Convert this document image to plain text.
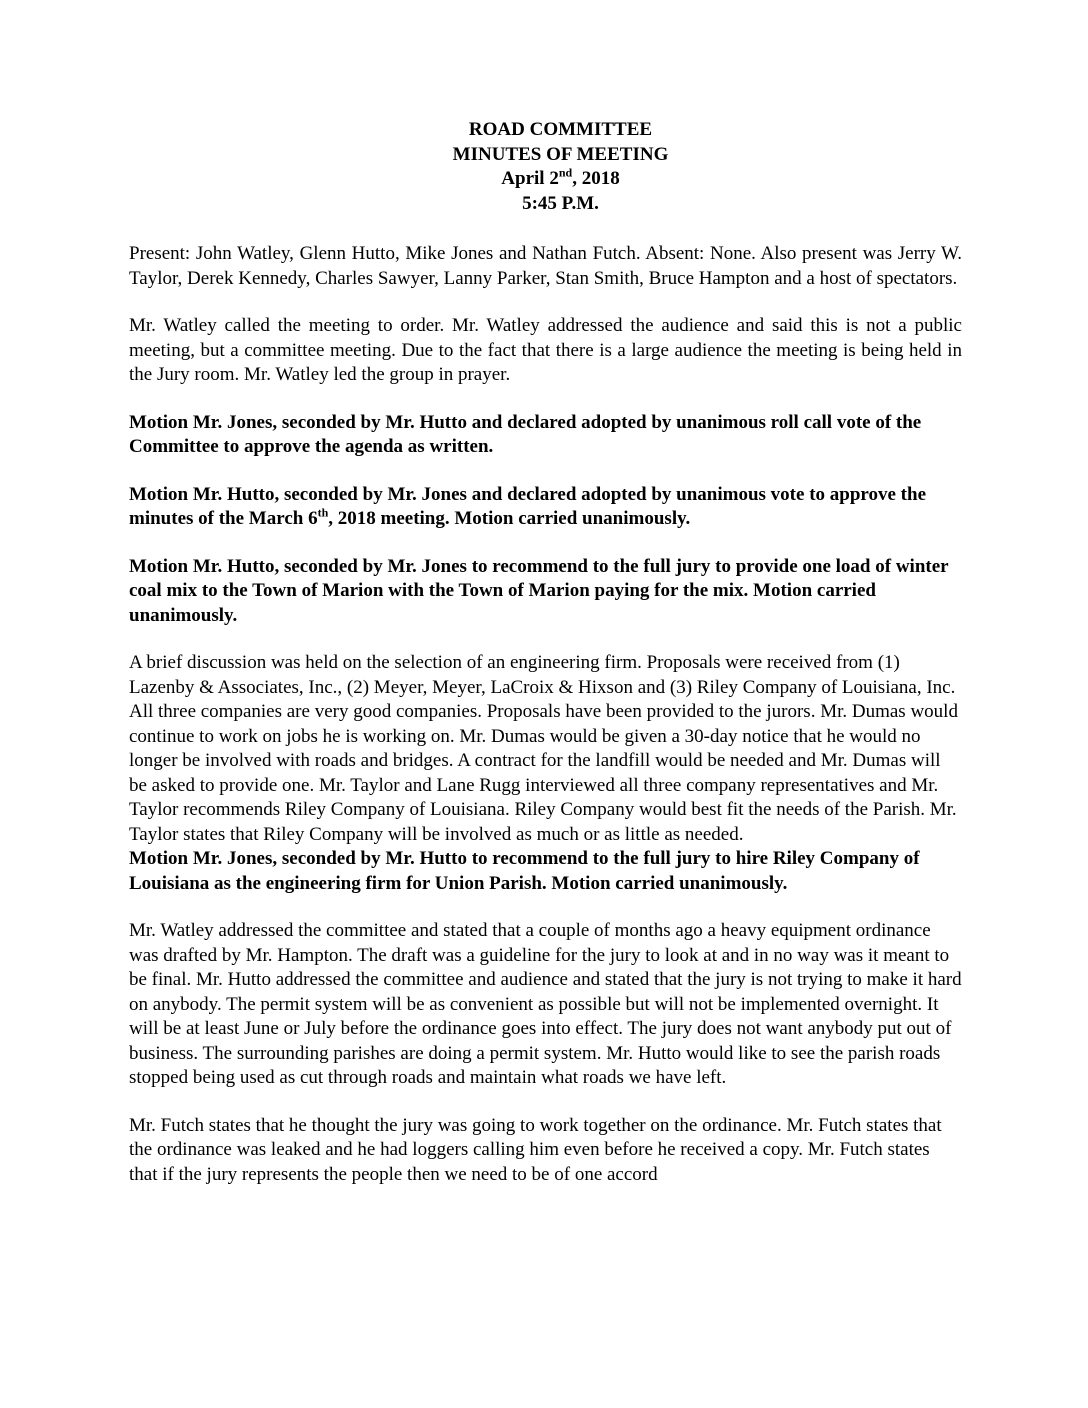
ROAD COMMITTEE
MINUTES OF MEETING
April 2nd, 2018
5:45 P.M.

Present: John Watley, Glenn Hutto, Mike Jones and Nathan Futch. Absent: None. Also present was Jerry W. Taylor, Derek Kennedy, Charles Sawyer, Lanny Parker, Stan Smith, Bruce Hampton and a host of spectators.

Mr. Watley called the meeting to order. Mr. Watley addressed the audience and said this is not a public meeting, but a committee meeting. Due to the fact that there is a large audience the meeting is being held in the Jury room. Mr. Watley led the group in prayer.

Motion Mr. Jones, seconded by Mr. Hutto and declared adopted by unanimous roll call vote of the Committee to approve the agenda as written.

Motion Mr. Hutto, seconded by Mr. Jones and declared adopted by unanimous vote to approve the minutes of the March 6th, 2018 meeting. Motion carried unanimously.

Motion Mr. Hutto, seconded by Mr. Jones to recommend to the full jury to provide one load of winter coal mix to the Town of Marion with the Town of Marion paying for the mix. Motion carried unanimously.

A brief discussion was held on the selection of an engineering firm. Proposals were received from (1) Lazenby & Associates, Inc., (2) Meyer, Meyer, LaCroix & Hixson and (3) Riley Company of Louisiana, Inc. All three companies are very good companies. Proposals have been provided to the jurors. Mr. Dumas would continue to work on jobs he is working on. Mr. Dumas would be given a 30-day notice that he would no longer be involved with roads and bridges. A contract for the landfill would be needed and Mr. Dumas will be asked to provide one. Mr. Taylor and Lane Rugg interviewed all three company representatives and Mr. Taylor recommends Riley Company of Louisiana. Riley Company would best fit the needs of the Parish. Mr. Taylor states that Riley Company will be involved as much or as little as needed.
Motion Mr. Jones, seconded by Mr. Hutto to recommend to the full jury to hire Riley Company of Louisiana as the engineering firm for Union Parish. Motion carried unanimously.

Mr. Watley addressed the committee and stated that a couple of months ago a heavy equipment ordinance was drafted by Mr. Hampton. The draft was a guideline for the jury to look at and in no way was it meant to be final. Mr. Hutto addressed the committee and audience and stated that the jury is not trying to make it hard on anybody. The permit system will be as convenient as possible but will not be implemented overnight. It will be at least June or July before the ordinance goes into effect. The jury does not want anybody put out of business. The surrounding parishes are doing a permit system. Mr. Hutto would like to see the parish roads stopped being used as cut through roads and maintain what roads we have left.

Mr. Futch states that he thought the jury was going to work together on the ordinance. Mr. Futch states that the ordinance was leaked and he had loggers calling him even before he received a copy. Mr. Futch states that if the jury represents the people then we need to be of one accord
